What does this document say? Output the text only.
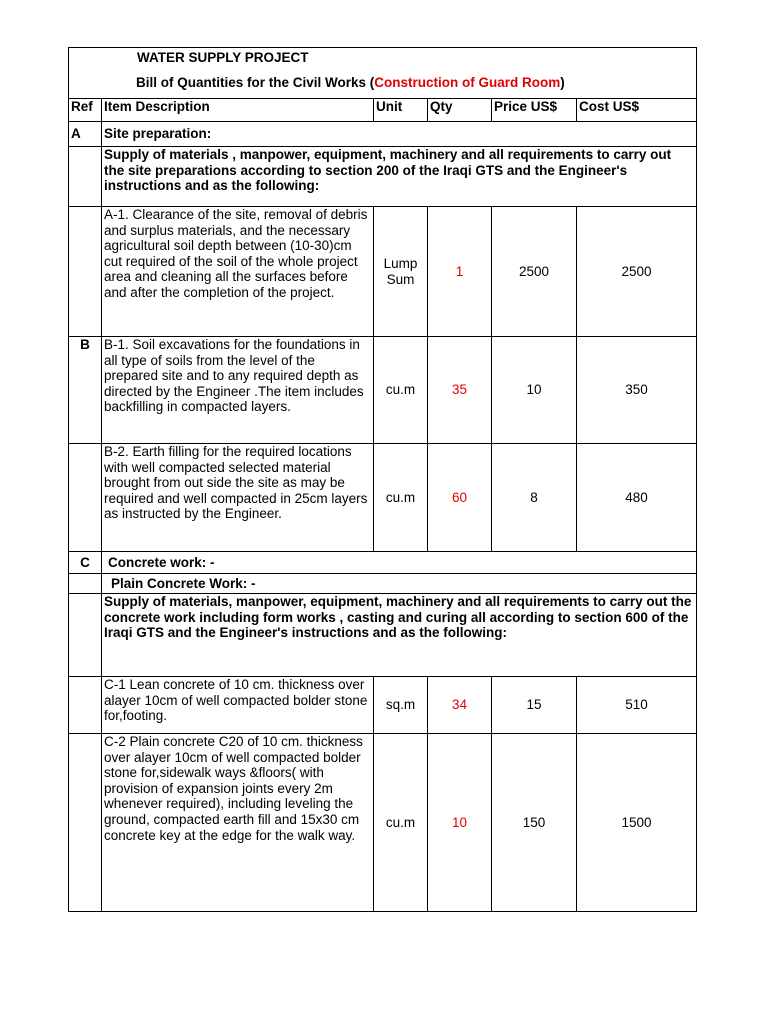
WATER SUPPLY PROJECT
Bill of Quantities for the Civil Works (Construction of Guard Room)					

Ref	Item Description	Unit	Qty	Price US$	Cost US$
A	Site preparation:				
	Supply of materials , manpower, equipment, machinery and all requirements to carry out the site preparations according to section 200 of the Iraqi GTS and the Engineer's instructions and as the following:				
	A-1. Clearance of the site, removal of debris and surplus materials, and the necessary agricultural soil depth between (10-30)cm cut required of the soil of the whole project area and cleaning all the surfaces before and after the completion of the project.	Lump Sum	1	2500	2500
B	B-1. Soil excavations for the foundations in all type of soils from the level of the prepared site and to any required depth as directed by the Engineer .The item includes backfilling in compacted layers.	cu.m	35	10	350
	B-2. Earth filling for the required locations with well compacted selected material brought from out side the site as may be required and well compacted in 25cm layers as instructed by the Engineer.	cu.m	60	8	480
C	Concrete work: -				
	Plain Concrete Work: -				
	Supply of materials, manpower, equipment, machinery and all requirements to carry out the concrete work including form works , casting and curing all according to section 600 of the Iraqi GTS and the Engineer's instructions and as the following:				
	C-1 Lean concrete of 10 cm. thickness over alayer 10cm of well compacted bolder stone for,footing.	sq.m	34	15	510
	C-2 Plain concrete C20 of 10 cm. thickness over alayer 10cm of well compacted bolder stone for,sidewalk ways &floors( with provision of expansion joints every 2m whenever required), including leveling the ground, compacted earth fill and 15x30 cm concrete key at the edge for the walk way.	cu.m	10	150	1500
